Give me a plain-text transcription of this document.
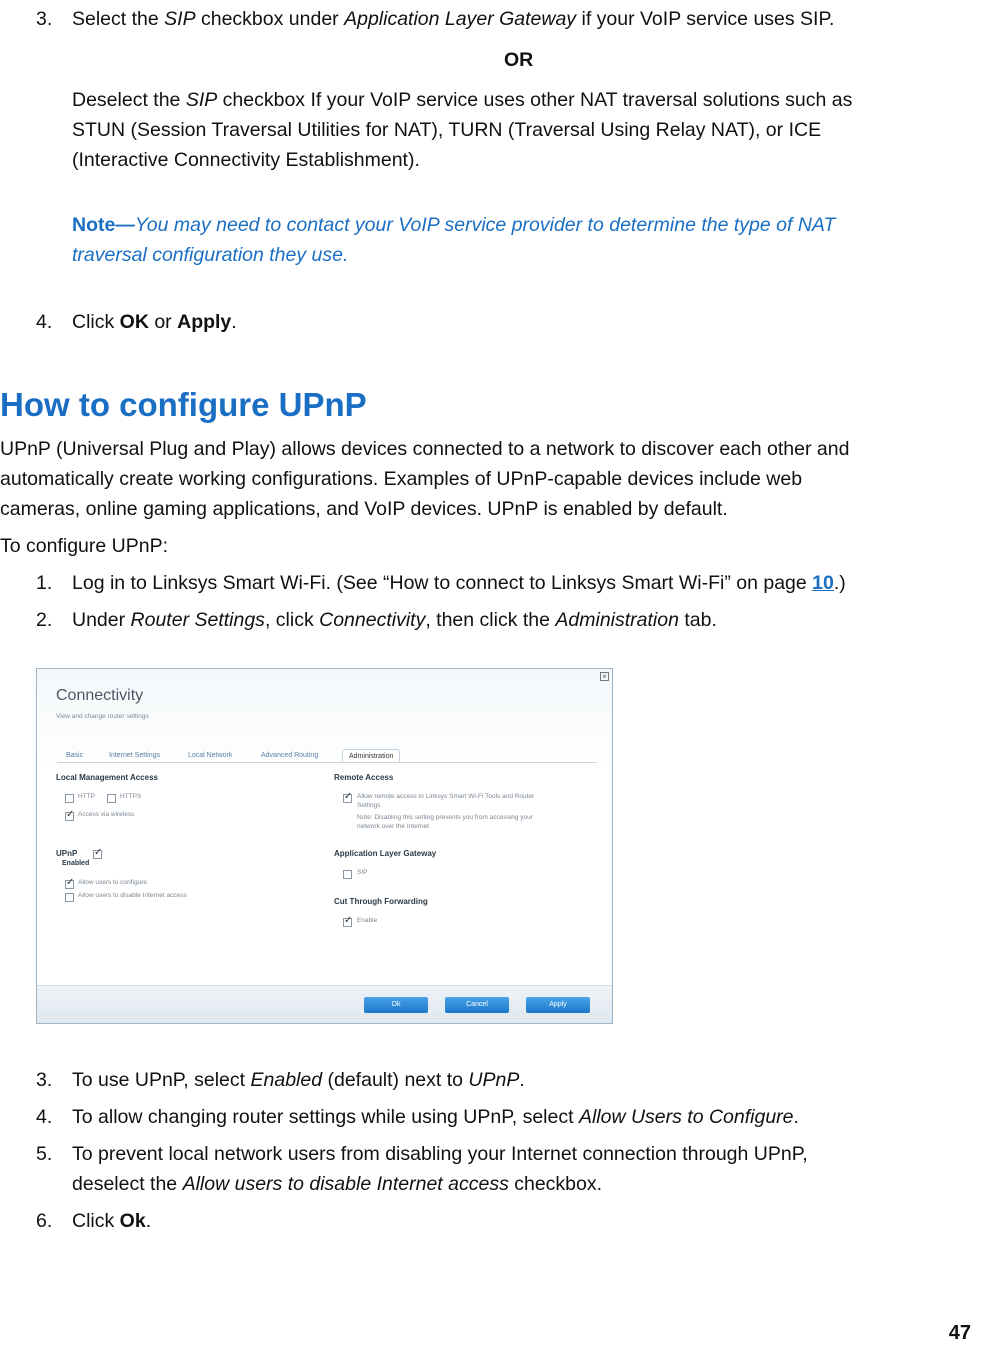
3.	Select the SIP checkbox under Application Layer Gateway if your VoIP service uses SIP.
OR
Deselect the SIP checkbox If your VoIP service uses other NAT traversal solutions such as
STUN (Session Traversal Utilities for NAT), TURN (Traversal Using Relay NAT), or ICE
(Interactive Connectivity Establishment).
Note—You may need to contact your VoIP service provider to determine the type of NAT
traversal configuration they use.
4.	Click OK or Apply.
How to configure UPnP
UPnP (Universal Plug and Play) allows devices connected to a network to discover each other and
automatically create working configurations. Examples of UPnP-capable devices include web
cameras, online gaming applications, and VoIP devices. UPnP is enabled by default.
To configure UPnP:
1.	Log in to Linksys Smart Wi-Fi. (See “How to connect to Linksys Smart Wi-Fi” on page 10.)
2.	Under Router Settings, click Connectivity, then click the Administration tab.
×
Connectivity
View and change router settings
Basic	Internet Settings	Local Network	Advanced Routing	Administration
Local Management Access
HTTP	HTTPS
✓
Access via wireless
UPnP
✓
Enabled
✓
Allow users to configure
Allow users to disable Internet access
Remote Access
✓
Allow remote access to Linksys Smart Wi-Fi Tools and Router
Settings
Note: Disabling this setting prevents you from accessing your
network over the Internet
Application Layer Gateway
SIP
Cut Through Forwarding
✓
Enable
Ok	Cancel	Apply
3.	To use UPnP, select Enabled (default) next to UPnP.
4.	To allow changing router settings while using UPnP, select Allow Users to Configure.
5.	To prevent local network users from disabling your Internet connection through UPnP,
deselect the Allow users to disable Internet access checkbox.
6.	Click Ok.
47
